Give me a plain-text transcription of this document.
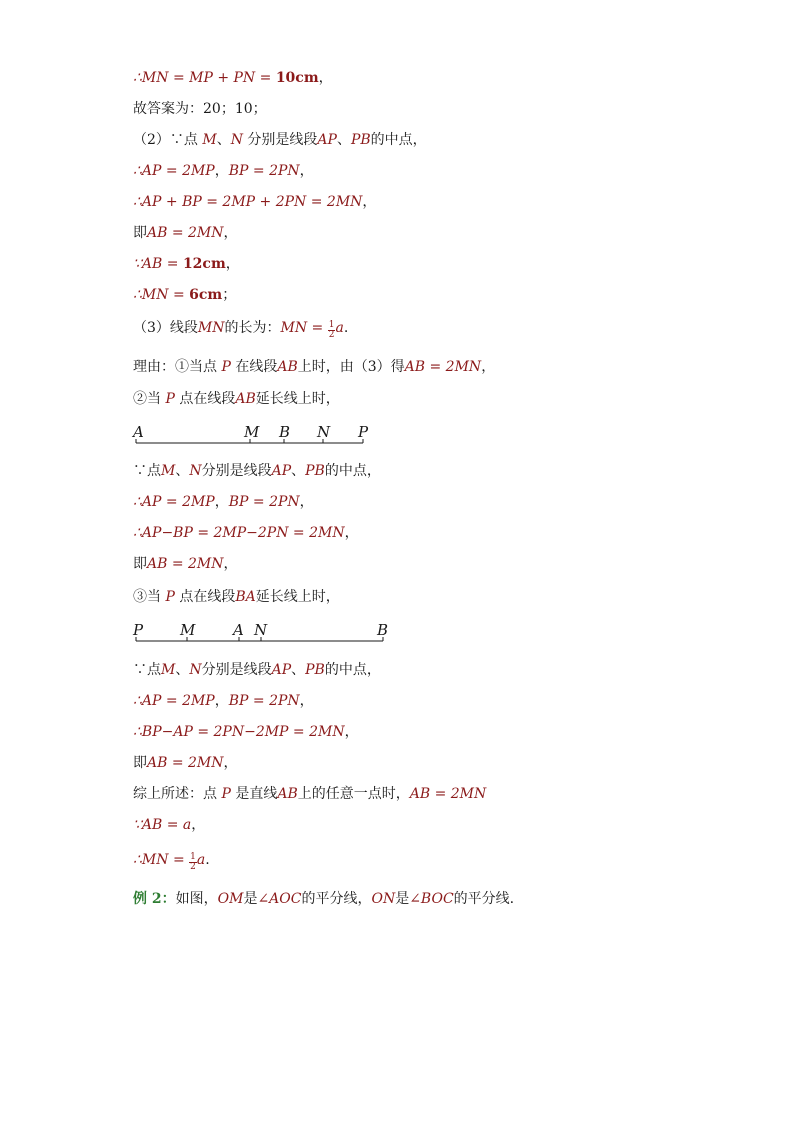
∴MN = MP + PN = 10cm，
故答案为：20；10；
（2）∵点 M、N 分别是线段AP、PB的中点，
∴AP = 2MP，BP = 2PN，
∴AP + BP = 2MP + 2PN = 2MN，
即AB = 2MN，
∵AB = 12cm，
∴MN = 6cm；
（3）线段MN的长为：MN = $\frac{1}{2} a$.
理由：①当点 P 在线段AB上时，由（3）得AB = 2MN，
②当 P 点在线段AB延长线上时，
∵点M、N分别是线段AP、PB的中点，
∴AP = 2MP，BP = 2PN，
∴AP−BP = 2MP−2PN = 2MN，
即AB = 2MN，
③当 P 点在线段BA延长线上时，
∵点M、N分别是线段AP、PB的中点，
∴AP = 2MP，BP = 2PN，
∴BP−AP = 2PN−2MP = 2MN，
即AB = 2MN，
综上所述：点 P 是直线AB上的任意一点时，AB = 2MN
∵AB = a，
∴MN = $\frac{1}{2} a$.
例 2：如图，OM是∠AOC的平分线，ON是∠BOC的平分线.
A	M B N P
P M	A N	B
